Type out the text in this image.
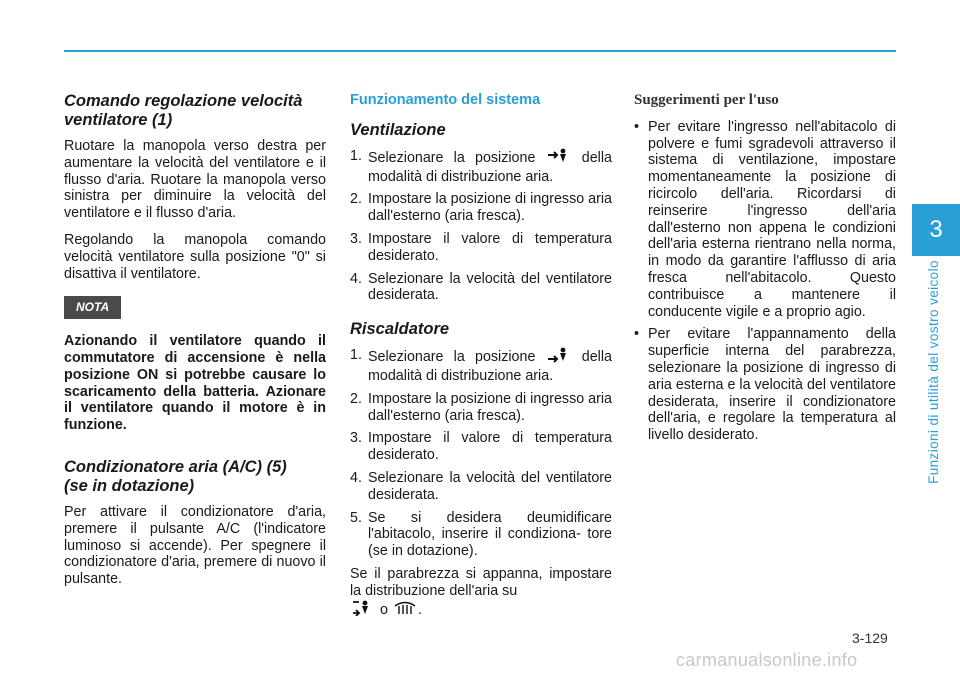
3
Funzioni di utilità del vostro veicolo
Comando regolazione velocità ventilatore (1)

Ruotare la manopola verso destra per aumentare la velocità del ventilatore e il flusso d'aria. Ruotare la manopola verso sinistra per diminuire la velocità del ventilatore e il flusso d'aria.

Regolando la manopola comando velocità ventilatore sulla posizione "0" si disattiva il ventilatore.

NOTA
Azionando il ventilatore quando il commutatore di accensione è nella posizione ON si potrebbe causare lo scaricamento della batteria. Azionare il ventilatore quando il motore è in funzione.
Condizionatore aria (A/C) (5)
(se in dotazione)

Per attivare il condizionatore d'aria, premere il pulsante A/C (l'indicatore luminoso si accende). Per spegnere il condizionatore d'aria, premere di nuovo il pulsante.

Funzionamento del sistema
Ventilazione
1. Selezionare la posizione	della modalità di distribuzione aria.
2. Impostare la posizione di ingresso aria dall'esterno (aria fresca).
3. Impostare il valore di temperatura desiderato.
4. Selezionare la velocità del ventilatore desiderata.
Riscaldatore
1. Selezionare la posizione	della modalità di distribuzione aria.
2. Impostare la posizione di ingresso aria dall'esterno (aria fresca).
3. Impostare il valore di temperatura desiderato.
4. Selezionare la velocità del ventilatore desiderata.
5. Se si desidera deumidificare l'abitacolo, inserire il condiziona- tore (se in dotazione).

Se il parabrezza si appanna, impostare la distribuzione dell'aria su
o .

Suggerimenti per l'uso
• Per evitare l'ingresso nell'abitacolo di polvere e fumi sgradevoli attraverso il sistema di ventilazione, impostare momentaneamente la posizione di ricircolo dell'aria. Ricordarsi di reinserire l'ingresso dell'aria dall'esterno non appena le condizioni dell'aria esterna rientrano nella norma, in modo da garantire l'afflusso di aria fresca nell'abitacolo. Questo contribuisce a mantenere il conducente vigile e a proprio agio.
• Per evitare l'appannamento della superficie interna del parabrezza, selezionare la posizione di ingresso di aria esterna e la velocità del ventilatore desiderata, inserire il condizionatore dell'aria, e regolare la temperatura al livello desiderato.
3-129
carmanualsonline.info
